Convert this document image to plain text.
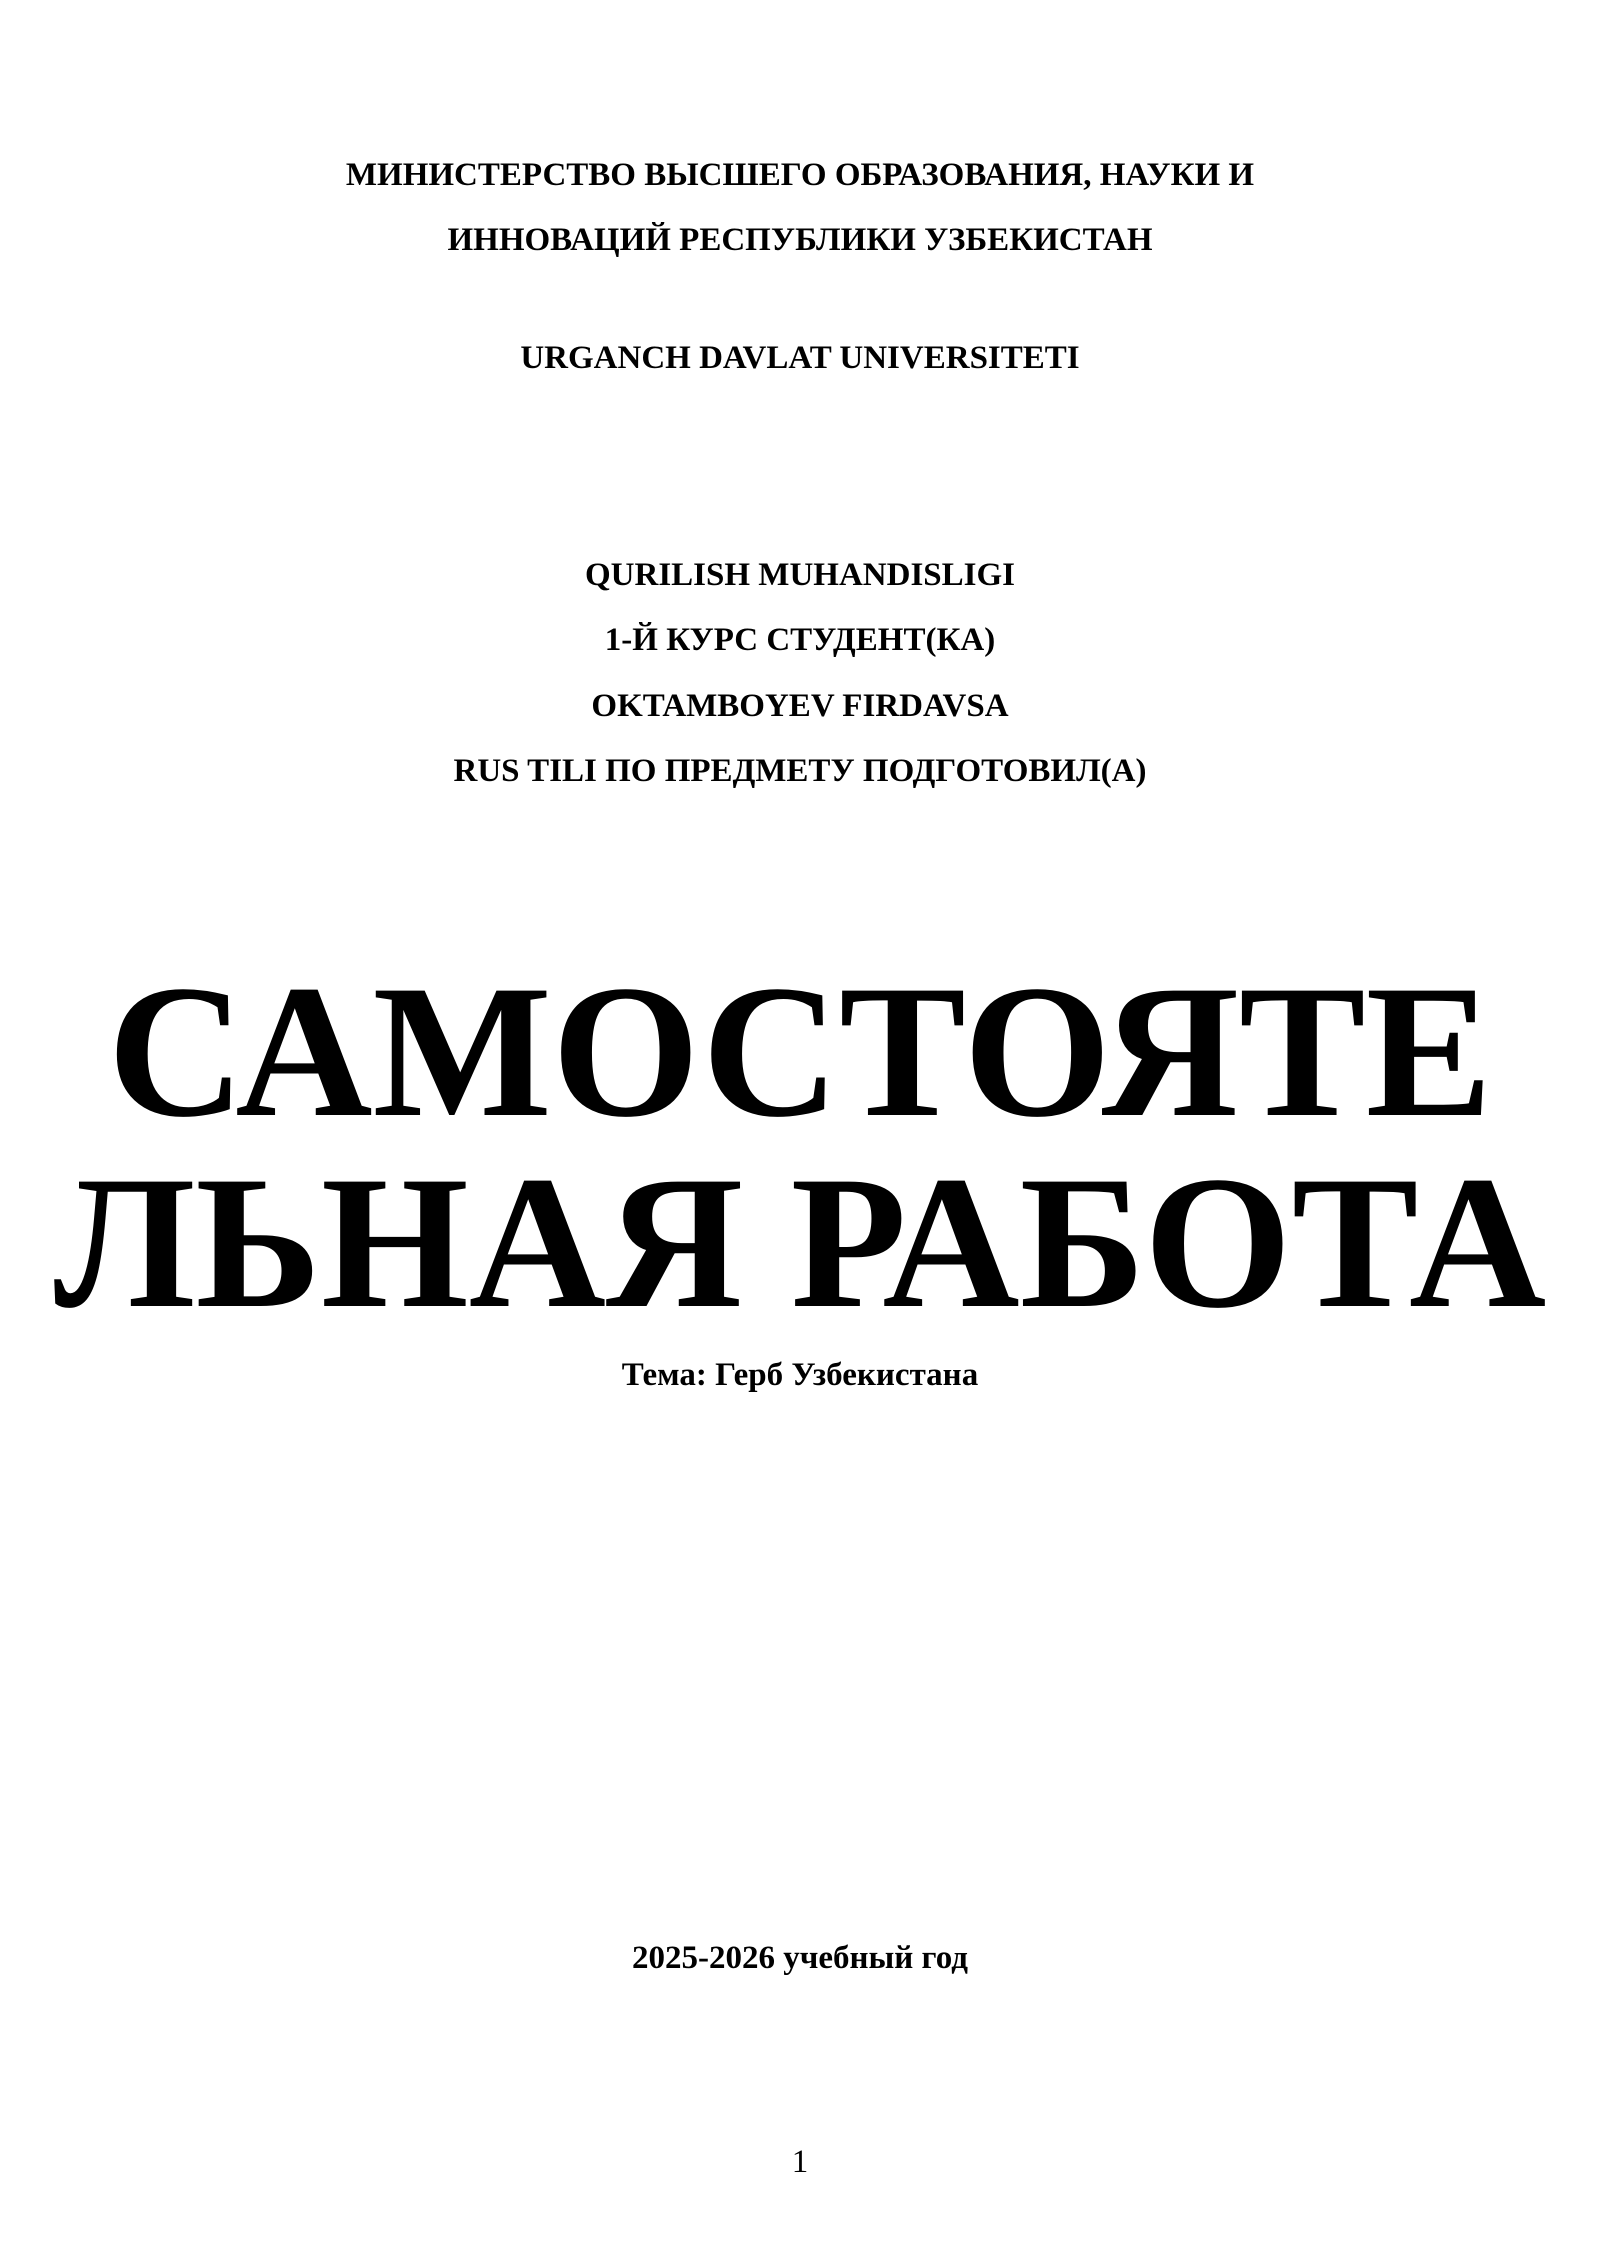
МИНИСТЕРСТВО ВЫСШЕГО ОБРАЗОВАНИЯ, НАУКИ И
ИННОВАЦИЙ РЕСПУБЛИКИ УЗБЕКИСТАН
URGANCH DAVLAT UNIVERSITETI
QURILISH MUHANDISLIGI
1-Й КУРС СТУДЕНТ(КА)
OKTAMBOYEV FIRDAVSA
RUS TILI ПО ПРЕДМЕТУ ПОДГОТОВИЛ(А)
САМОСТОЯТЕ
ЛЬНАЯ РАБОТА
Тема: Герб Узбекистана
2025-2026 учебный год
1
